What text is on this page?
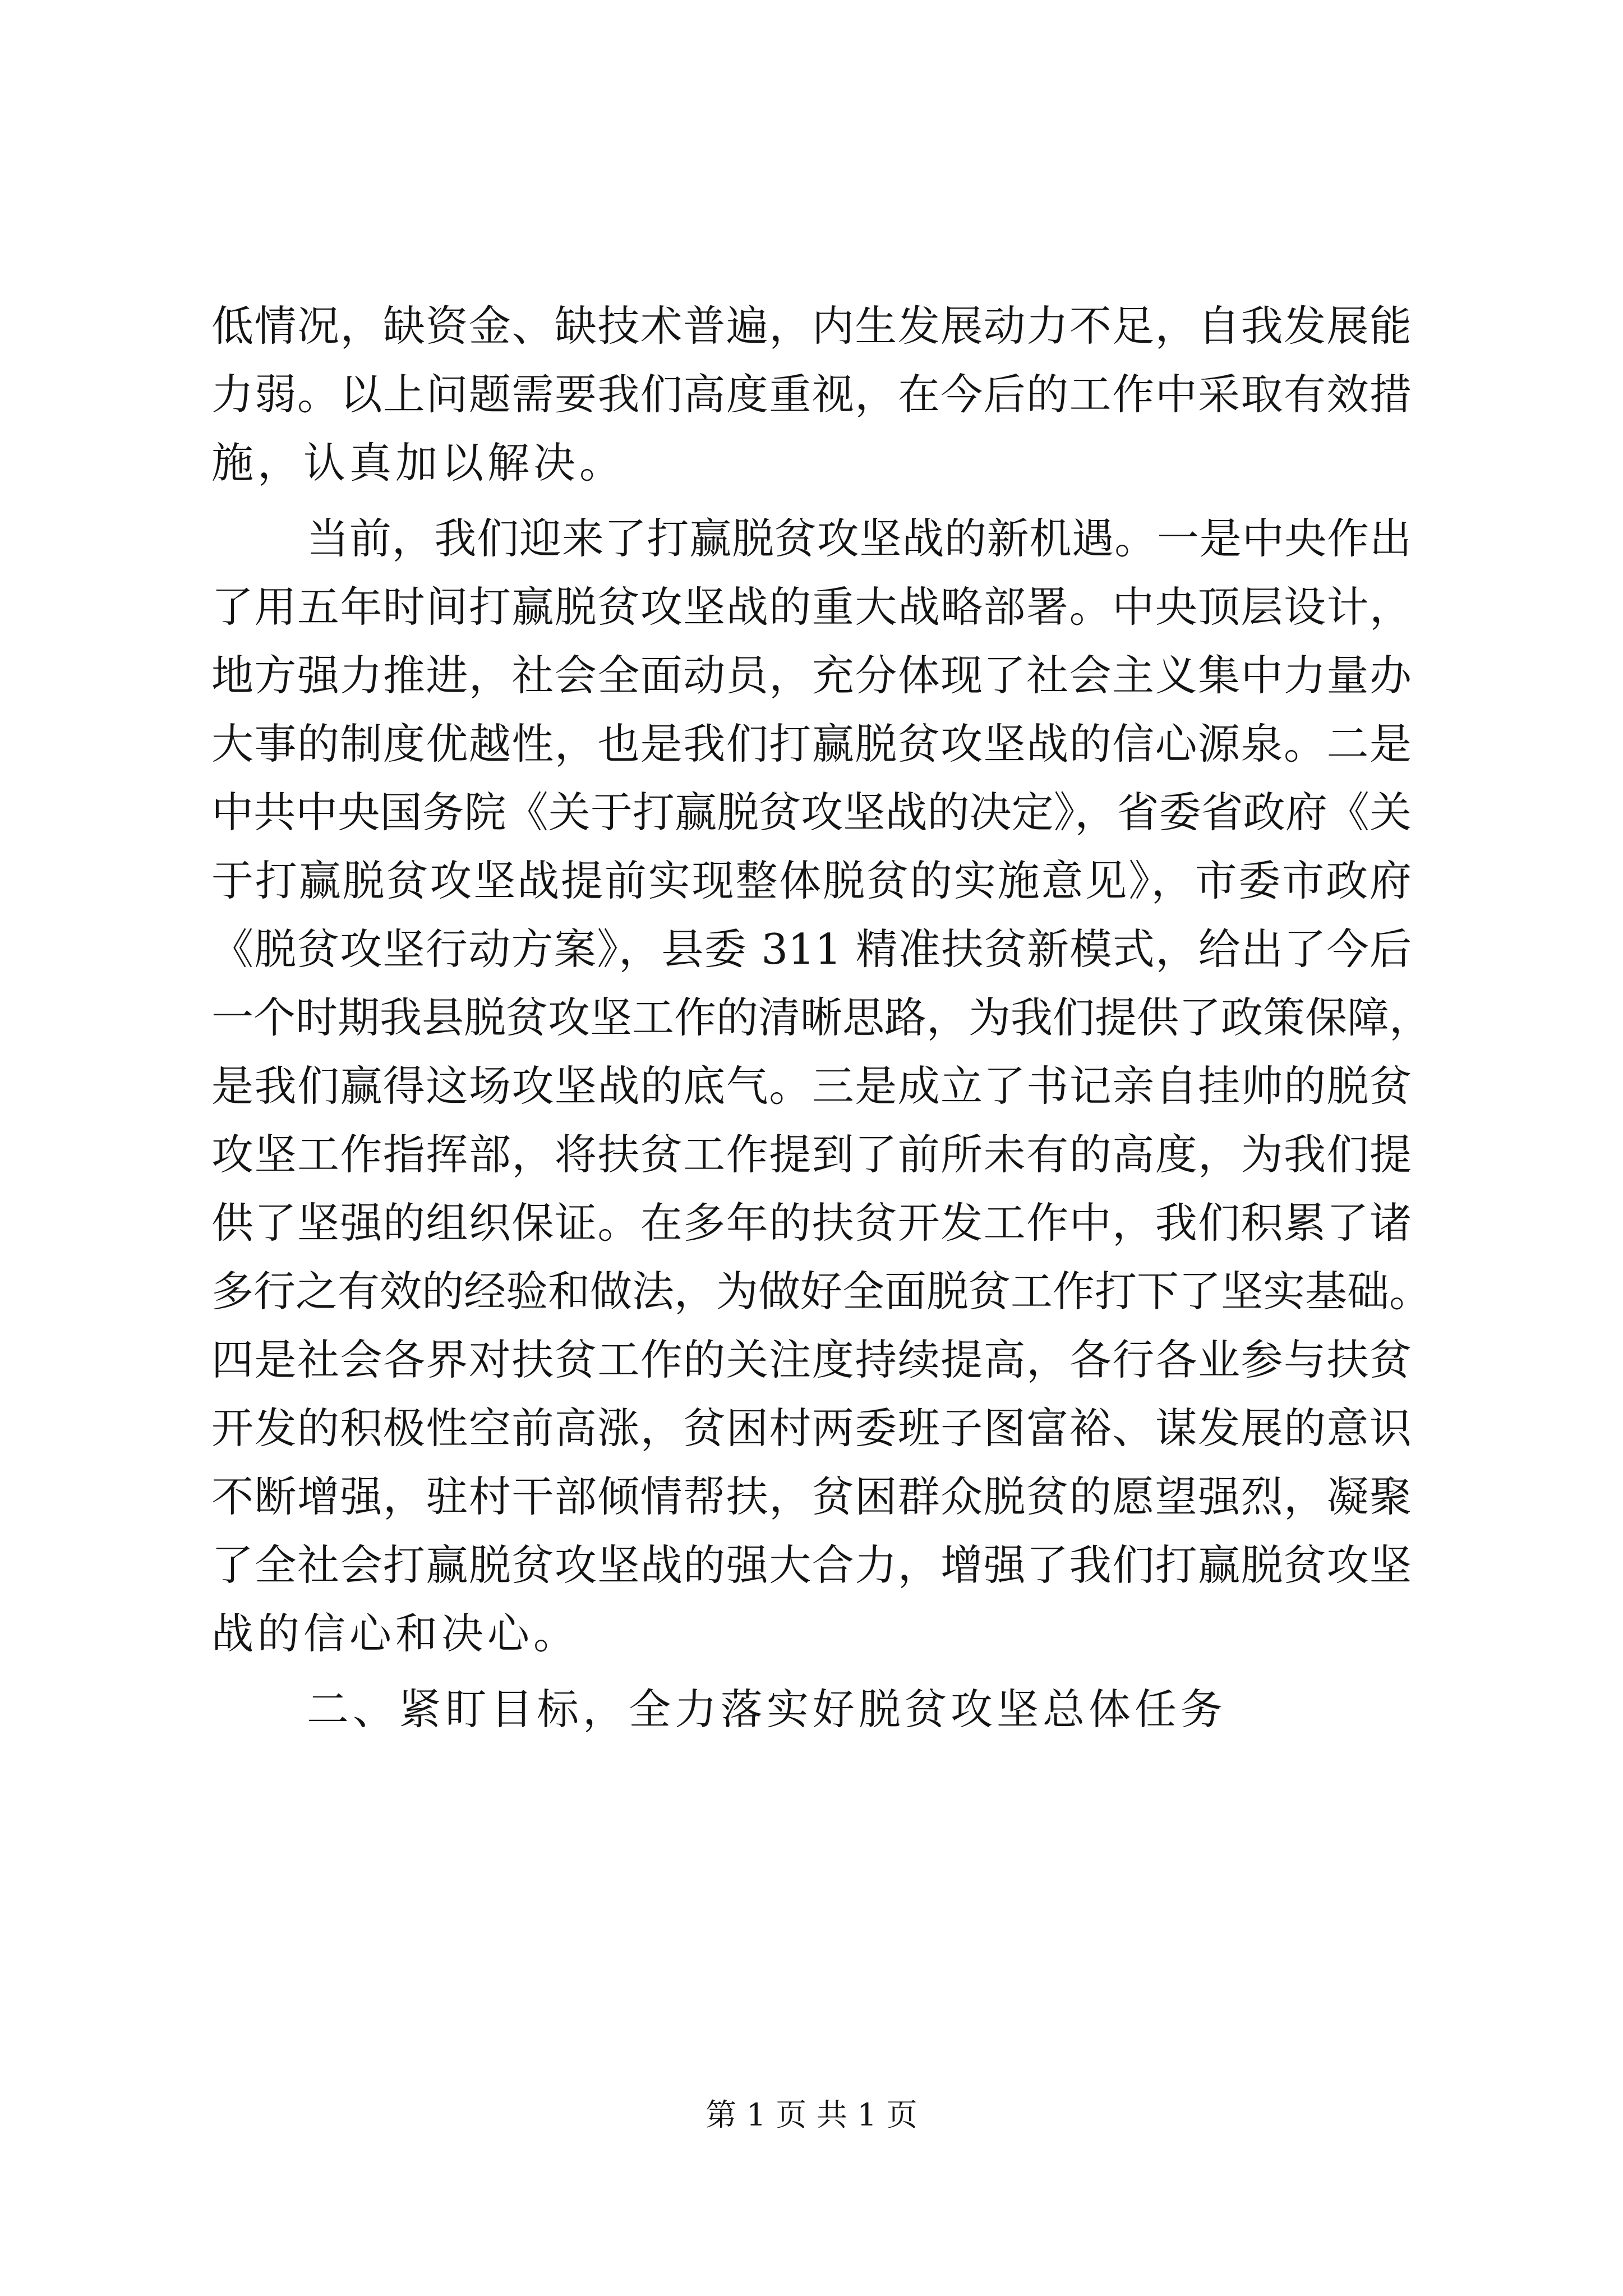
低情况，缺资金、缺技术普遍，内生发展动力不足，自我发展能
力弱。以上问题需要我们高度重视，在今后的工作中采取有效措
施，认真加以解决。
当前，我们迎来了打赢脱贫攻坚战的新机遇。一是中央作出
了用五年时间打赢脱贫攻坚战的重大战略部署。中央顶层设计，
地方强力推进，社会全面动员，充分体现了社会主义集中力量办
大事的制度优越性，也是我们打赢脱贫攻坚战的信心源泉。二是
中共中央国务院《关于打赢脱贫攻坚战的决定》，省委省政府《关
于打赢脱贫攻坚战提前实现整体脱贫的实施意见》，市委市政府
《脱贫攻坚行动方案》，县委 311 精准扶贫新模式，给出了今后
一个时期我县脱贫攻坚工作的清晰思路，为我们提供了政策保障，
是我们赢得这场攻坚战的底气。三是成立了书记亲自挂帅的脱贫
攻坚工作指挥部，将扶贫工作提到了前所未有的高度，为我们提
供了坚强的组织保证。在多年的扶贫开发工作中，我们积累了诸
多行之有效的经验和做法，为做好全面脱贫工作打下了坚实基础。
四是社会各界对扶贫工作的关注度持续提高，各行各业参与扶贫
开发的积极性空前高涨，贫困村两委班子图富裕、谋发展的意识
不断增强，驻村干部倾情帮扶，贫困群众脱贫的愿望强烈，凝聚
了全社会打赢脱贫攻坚战的强大合力，增强了我们打赢脱贫攻坚
战的信心和决心。
二、紧盯目标，全力落实好脱贫攻坚总体任务
第 1 页 共 1 页
